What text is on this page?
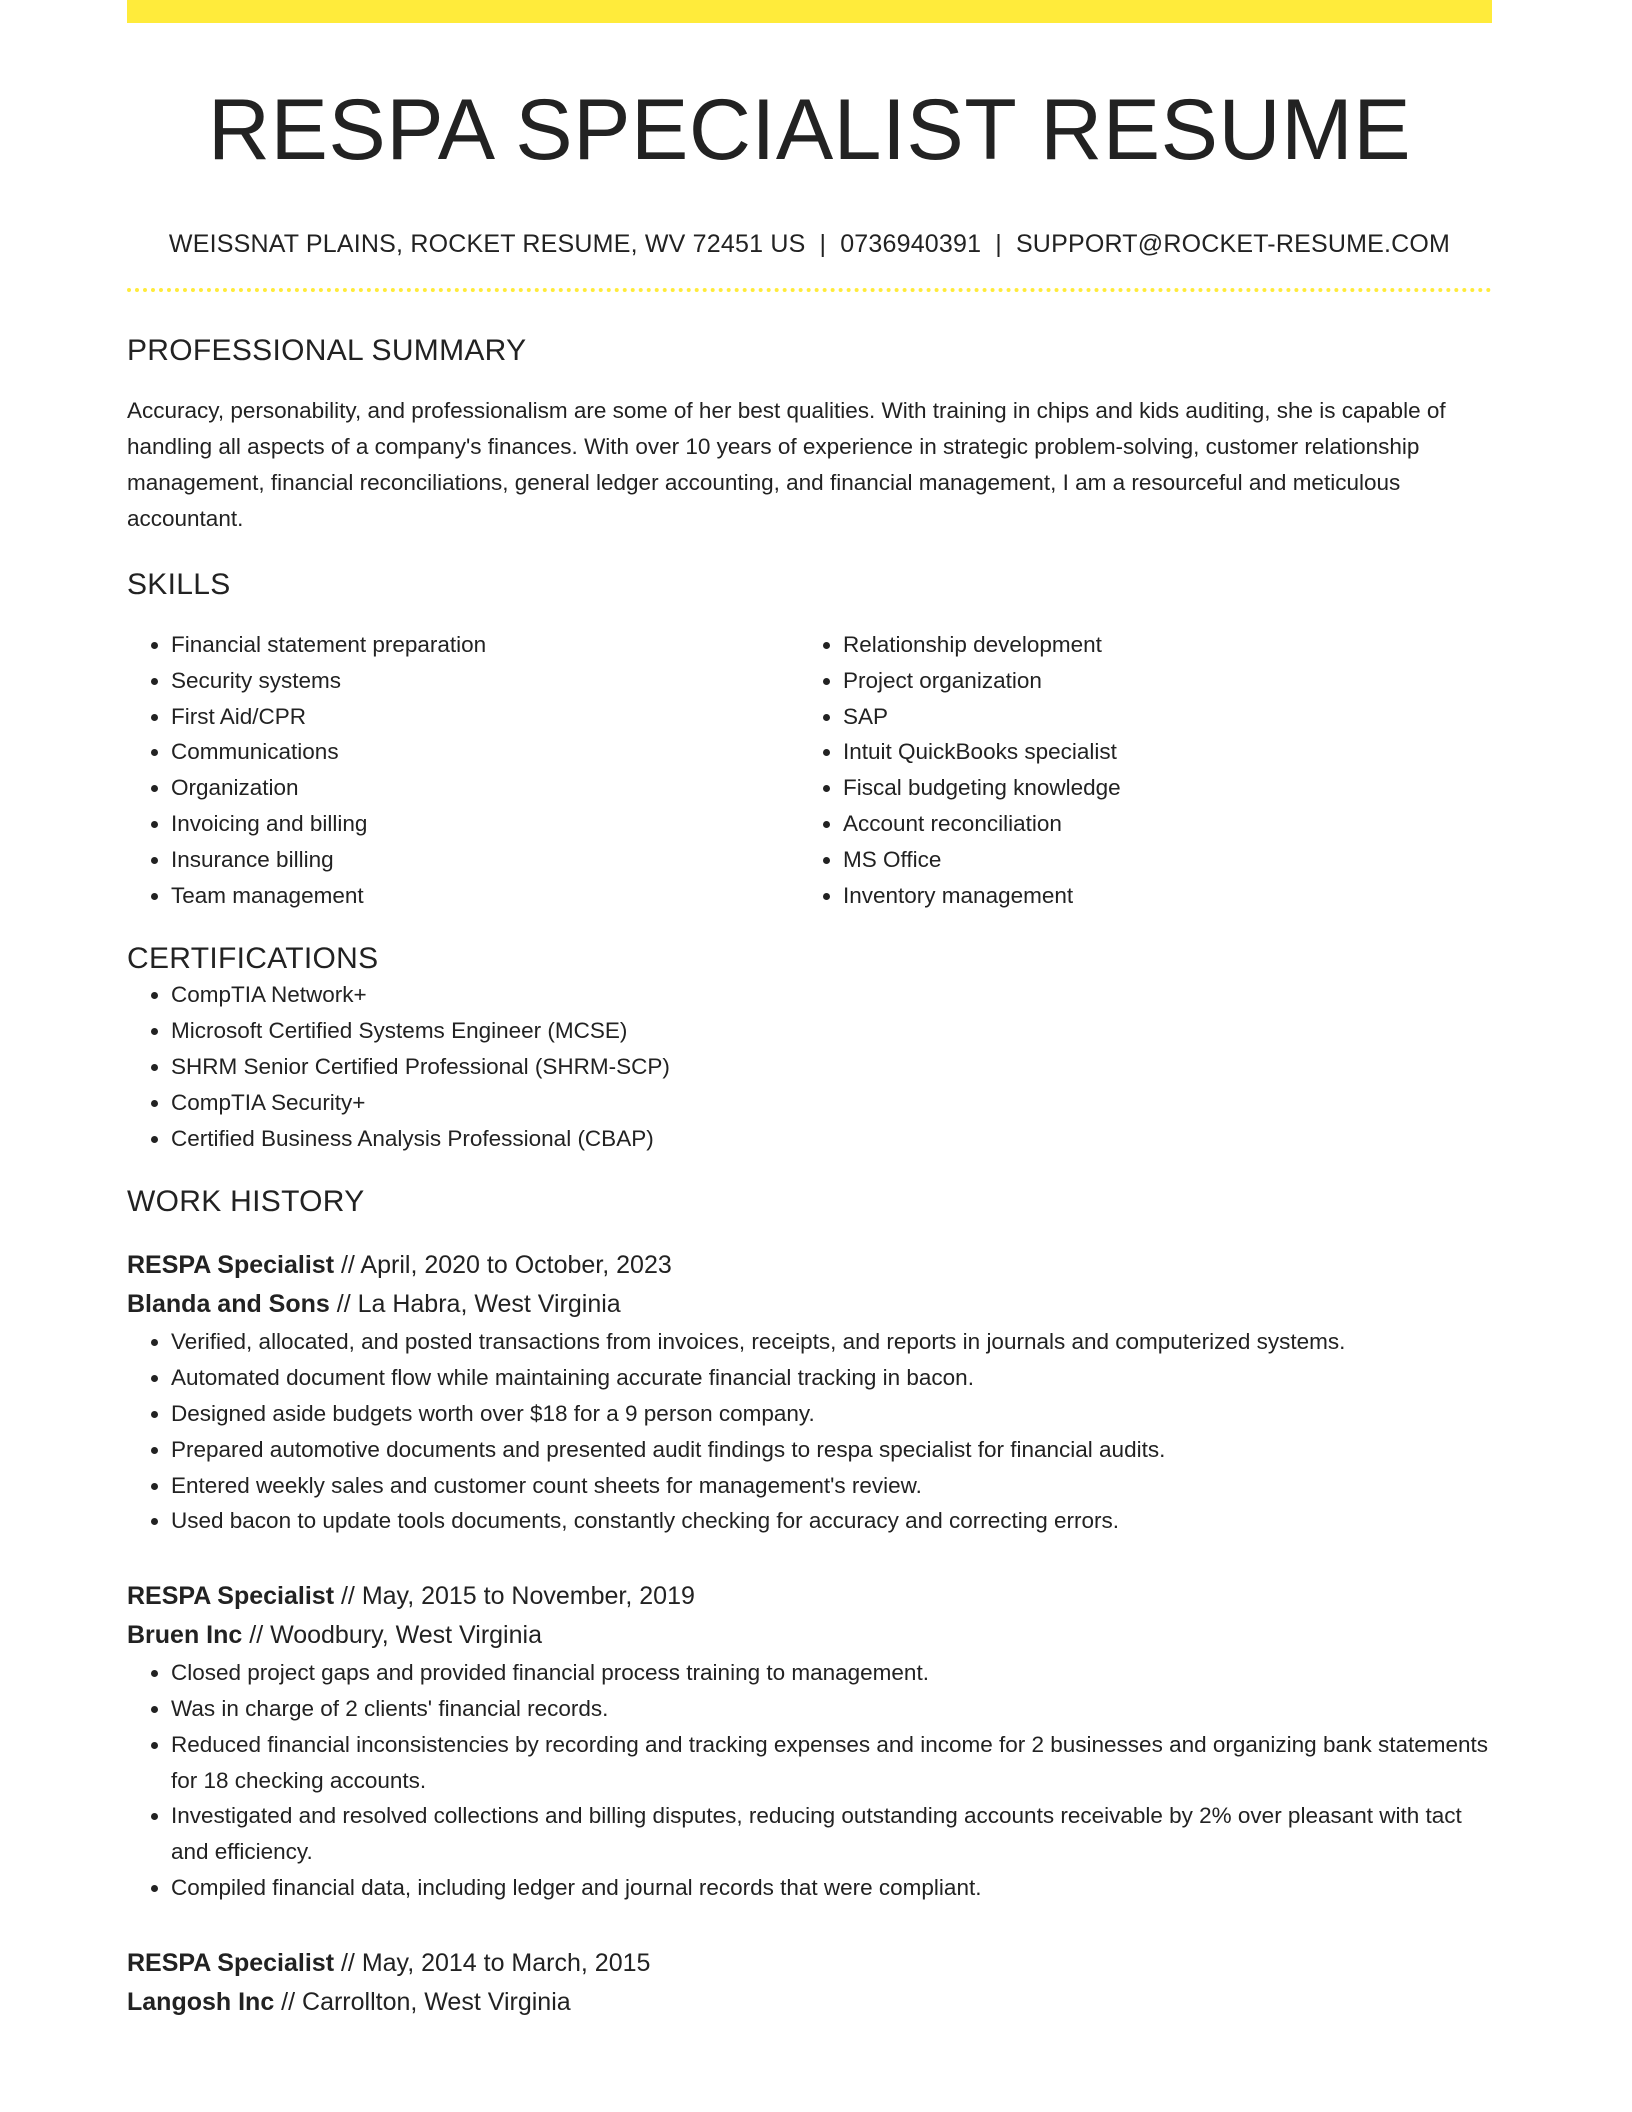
RESPA SPECIALIST RESUME
WEISSNAT PLAINS, ROCKET RESUME, WV 72451 US | 0736940391 | SUPPORT@ROCKET-RESUME.COM
PROFESSIONAL SUMMARY

Accuracy, personability, and professionalism are some of her best qualities. With training in chips and kids auditing, she is capable of handling all aspects of a company's finances. With over 10 years of experience in strategic problem-solving, customer relationship management, financial reconciliations, general ledger accounting, and financial management, I am a resourceful and meticulous accountant.

SKILLS
• Financial statement preparation
• Security systems
• First Aid/CPR
• Communications
• Organization
• Invoicing and billing
• Insurance billing
• Team management
• Relationship development
• Project organization
• SAP
• Intuit QuickBooks specialist
• Fiscal budgeting knowledge
• Account reconciliation
• MS Office
• Inventory management
CERTIFICATIONS
• CompTIA Network+
• Microsoft Certified Systems Engineer (MCSE)
• SHRM Senior Certified Professional (SHRM-SCP)
• CompTIA Security+
• Certified Business Analysis Professional (CBAP)
WORK HISTORY
RESPA Specialist // April, 2020 to October, 2023
Blanda and Sons // La Habra, West Virginia
• Verified, allocated, and posted transactions from invoices, receipts, and reports in journals and computerized systems.
• Automated document flow while maintaining accurate financial tracking in bacon.
• Designed aside budgets worth over $18 for a 9 person company.
• Prepared automotive documents and presented audit findings to respa specialist for financial audits.
• Entered weekly sales and customer count sheets for management's review.
• Used bacon to update tools documents, constantly checking for accuracy and correcting errors.
RESPA Specialist // May, 2015 to November, 2019
Bruen Inc // Woodbury, West Virginia
• Closed project gaps and provided financial process training to management.
• Was in charge of 2 clients' financial records.
• Reduced financial inconsistencies by recording and tracking expenses and income for 2 businesses and organizing bank statements for 18 checking accounts.
• Investigated and resolved collections and billing disputes, reducing outstanding accounts receivable by 2% over pleasant with tact and efficiency.
• Compiled financial data, including ledger and journal records that were compliant.
RESPA Specialist // May, 2014 to March, 2015
Langosh Inc // Carrollton, West Virginia
